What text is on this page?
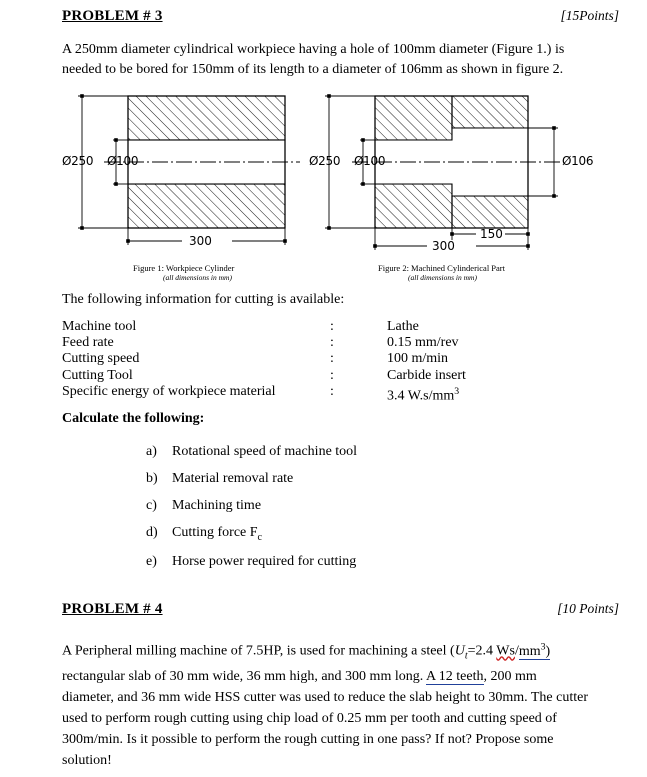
PROBLEM # 3	[15Points]
A 250mm diameter cylindrical workpiece having a hole of 100mm diameter (Figure 1.) is needed to be bored for 150mm of its length to a diameter of 106mm as shown in figure 2.
Ø250 Ø100
300
Ø250 Ø100	Ø106
150
300
Figure 1: Workpiece Cylinder
(all dimensions in mm)
Figure 2: Machined Cylinderical Part
(all dimensions in mm)
The following information for cutting is available:
Machine tool	:	Lathe
Feed rate	:	0.15 mm/rev
Cutting speed	:	100 m/min
Cutting Tool	:	Carbide insert
Specific energy of workpiece material	:	3.4 $W.s/mm^3$
Calculate the following:
a)	Rotational speed of machine tool
b)	Material removal rate
c)	Machining time
d)	Cutting force $F_c$
e)	Horse power required for cutting
PROBLEM # 4	[10 Points]
A Peripheral milling machine of 7.5HP, is used for machining a steel ($U_t=2.4$ $Ws/mm^3$) rectangular slab of 30 mm wide, 36 mm high, and 300 mm long. A 12 teeth, 200 mm diameter, and 36 mm wide HSS cutter was used to reduce the slab height to 30mm. The cutter used to perform rough cutting using chip load of 0.25 mm per tooth and cutting speed of 300m/min. Is it possible to perform the rough cutting in one pass? If not? Propose some solution!
